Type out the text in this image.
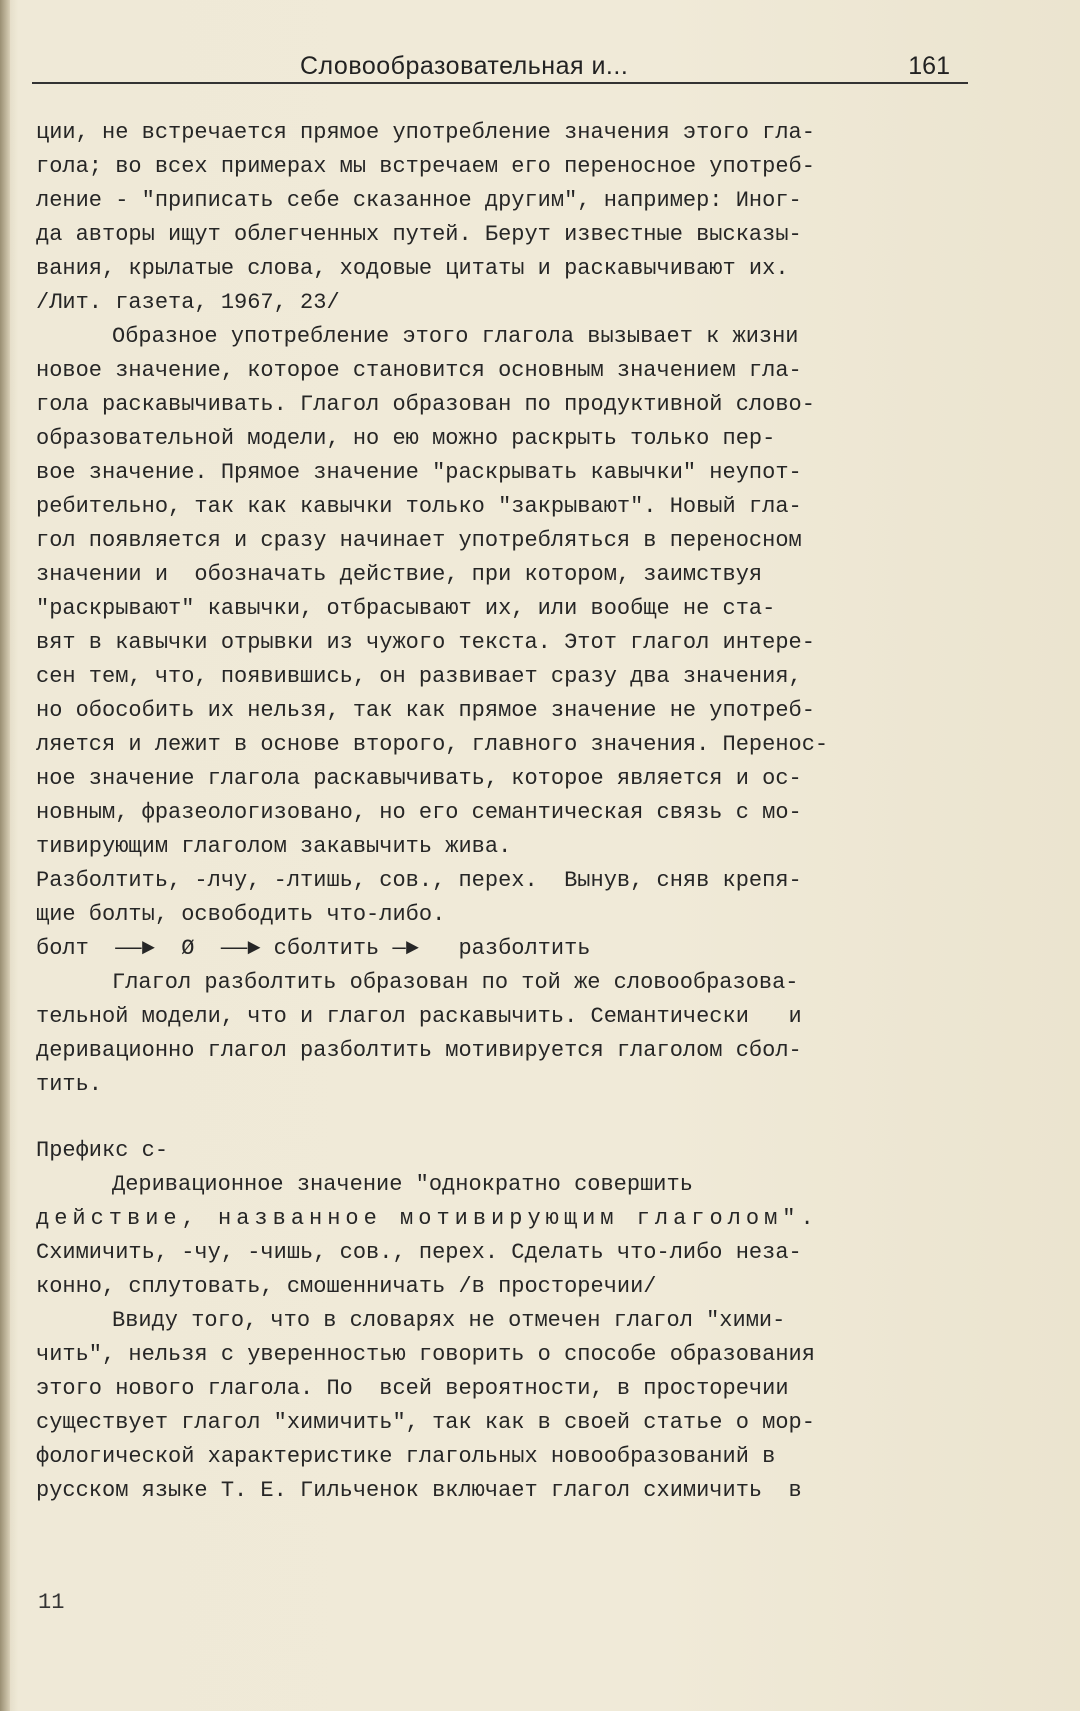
Словообразовательная и...	161
ции, не встречается прямое употребление значения этого гла-
гола; во всех примерах мы встречаем его переносное употреб-
ление - "приписать себе сказанное другим", например: Иног-
да авторы ищут облегченных путей. Берут известные высказы-
вания, крылатые слова, ходовые цитаты и раскавычивают их.
/Лит. газета, 1967, 23/
Образное употребление этого глагола вызывает к жизни
новое значение, которое становится основным значением гла-
гола раскавычивать. Глагол образован по продуктивной слово-
образовательной модели, но ею можно раскрыть только пер-
вое значение. Прямое значение "раскрывать кавычки" неупот-
ребительно, так как кавычки только "закрывают". Новый гла-
гол появляется и сразу начинает употребляться в переносном
значении и  обозначать действие, при котором, заимствуя
"раскрывают" кавычки, отбрасывают их, или вообще не ста-
вят в кавычки отрывки из чужого текста. Этот глагол интере-
сен тем, что, появившись, он развивает сразу два значения,
но обособить их нельзя, так как прямое значение не употреб-
ляется и лежит в основе второго, главного значения. Перенос-
ное значение глагола раскавычивать, которое является и ос-
новным, фразеологизовано, но его семантическая связь с мо-
тивирующим глаголом закавычить жива.
Разболтить, -лчу, -лтишь, сов., перех.  Вынув, сняв крепя-
щие болты, освободить что-либо.
болт  ——►  Ø  ——► сболтить —►   разболтить
Глагол разболтить образован по той же словообразова-
тельной модели, что и глагол раскавычить. Семантически   и
деривационно глагол разболтить мотивируется глаголом сбол-
тить.
Префикс с-
Деривационное значение "однократно совершить
действие, названное мотивирующим глаголом".
Схимичить, -чу, -чишь, сов., перех. Сделать что-либо неза-
конно, сплутовать, смошенничать /в просторечии/
Ввиду того, что в словарях не отмечен глагол "хими-
чить", нельзя с уверенностью говорить о способе образования
этого нового глагола. По  всей вероятности, в просторечии
существует глагол "химичить", так как в своей статье о мор-
фологической характеристике глагольных новообразований в
русском языке Т. Е. Гильченок включает глагол схимичить  в
11
